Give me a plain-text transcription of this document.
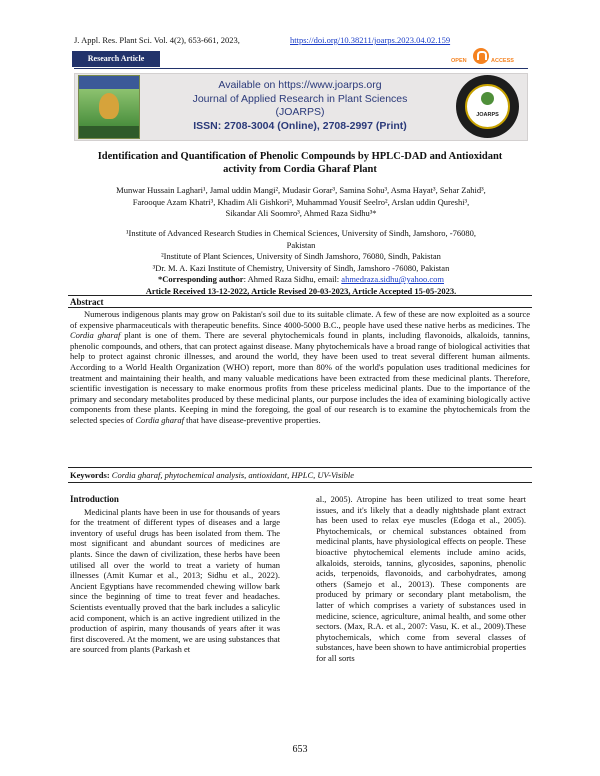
J. Appl. Res. Plant Sci. Vol. 4(2), 653-661, 2023,	https://doi.org/10.38211/joarps.2023.04.02.159
OPEN	ACCESS
Research Article
Available on https://www.joarps.org
Journal of Applied Research in Plant Sciences
(JOARPS)
ISSN: 2708-3004 (Online), 2708-2997 (Print)
JOARPS
Identification and Quantification of Phenolic Compounds by HPLC-DAD and Antioxidant activity from Cordia Gharaf Plant
Munwar Hussain Laghari¹, Jamal uddin Mangi², Mudasir Gorar³, Samina Sohu³, Asma Hayat³, Sehar Zahid³,
Farooque Azam Khatri³, Khadim Ali Gishkori³, Muhammad Yousif Seelro², Arslan uddin Qureshi³,
Sikandar Ali Soomro³, Ahmed Raza Sidhu³*
¹Institute of Advanced Research Studies in Chemical Sciences, University of Sindh, Jamshoro, -76080,
Pakistan
²Institute of Plant Sciences, University of Sindh Jamshoro, 76080, Sindh, Pakistan
³Dr. M. A. Kazi Institute of Chemistry, University of Sindh, Jamshoro -76080, Pakistan
*Corresponding author: Ahmed Raza Sidhu, email: ahmedraza.sidhu@yahoo.com
Article Received 13-12-2022, Article Revised 20-03-2023, Article Accepted 15-05-2023.
Abstract
Numerous indigenous plants may grow on Pakistan's soil due to its suitable climate. A few of these are now exploited as a source of expensive pharmaceuticals with therapeutic benefits. Since 4000-5000 B.C., people have used these native herbs as medicines. The Cordia gharaf plant is one of them. There are several phytochemicals found in plants, including flavonoids, alkaloids, tannins, phenolic compounds, and others, that can protect against disease. Many phytochemicals have a broad range of biological activities that help to protect against chronic illnesses, and around the world, they have been used to treat several different human ailments. According to a World Health Organization (WHO) report, more than 80% of the world's population uses traditional medicines for treatment and maintaining their health, and many valuable medications have been extracted from these medicinal plants. Therefore, scientific investigation is necessary to make enormous profits from these priceless medicinal plants. Due to the importance of the primary and secondary metabolites produced by these medicinal plants, our purpose includes the idea of examining biologically active components from these plants. Keeping in mind the foregoing, the goal of our research is to examine the phytochemicals from the selected species of Cordia gharaf that have disease-preventive properties.
Keywords: Cordia gharaf, phytochemical analysis, antioxidant, HPLC, UV-Visible
Introduction
Medicinal plants have been in use for thousands of years for the treatment of different types of diseases and a large inventory of useful drugs has been isolated from them. The most significant and abundant sources of medicines are plants. Since the dawn of civilization, these herbs have been utilised all over the world to treat a variety of human illnesses (Amit Kumar et al., 2013; Sidhu et al., 2022). Ancient Egyptians have recommended chewing willow bark since the beginning of time to treat fever and headaches. Scientists eventually proved that the bark includes a salicylic acid component, which is an active ingredient utilized in the production of aspirin, many thousands of years after it was first discovered. At the moment, we are using substances that are sourced from plants (Parkash et
al., 2005). Atropine has been utilized to treat some heart issues, and it's likely that a deadly nightshade plant extract has been used to relax eye muscles (Edoga et al., 2005). Phytochemicals, or chemical substances obtained from medicinal plants, have physiological effects on people. These bioactive phytochemical elements include amino acids, alkaloids, steroids, tannins, glycosides, saponins, phenolic acids, terpenoids, flavonoids, and carbohydrates, among others (Samejo et al., 20013). These components are produced by primary or secondary plant metabolism, the latter of which comprises a variety of substances used in medicine, science, agriculture, animal health, and some other sectors. (Max, R.A. et al., 2007: Vasu, K. et al., 2009).These phytochemicals, which come from several classes of substances, have been shown to have antimicrobial properties for all sorts
653
